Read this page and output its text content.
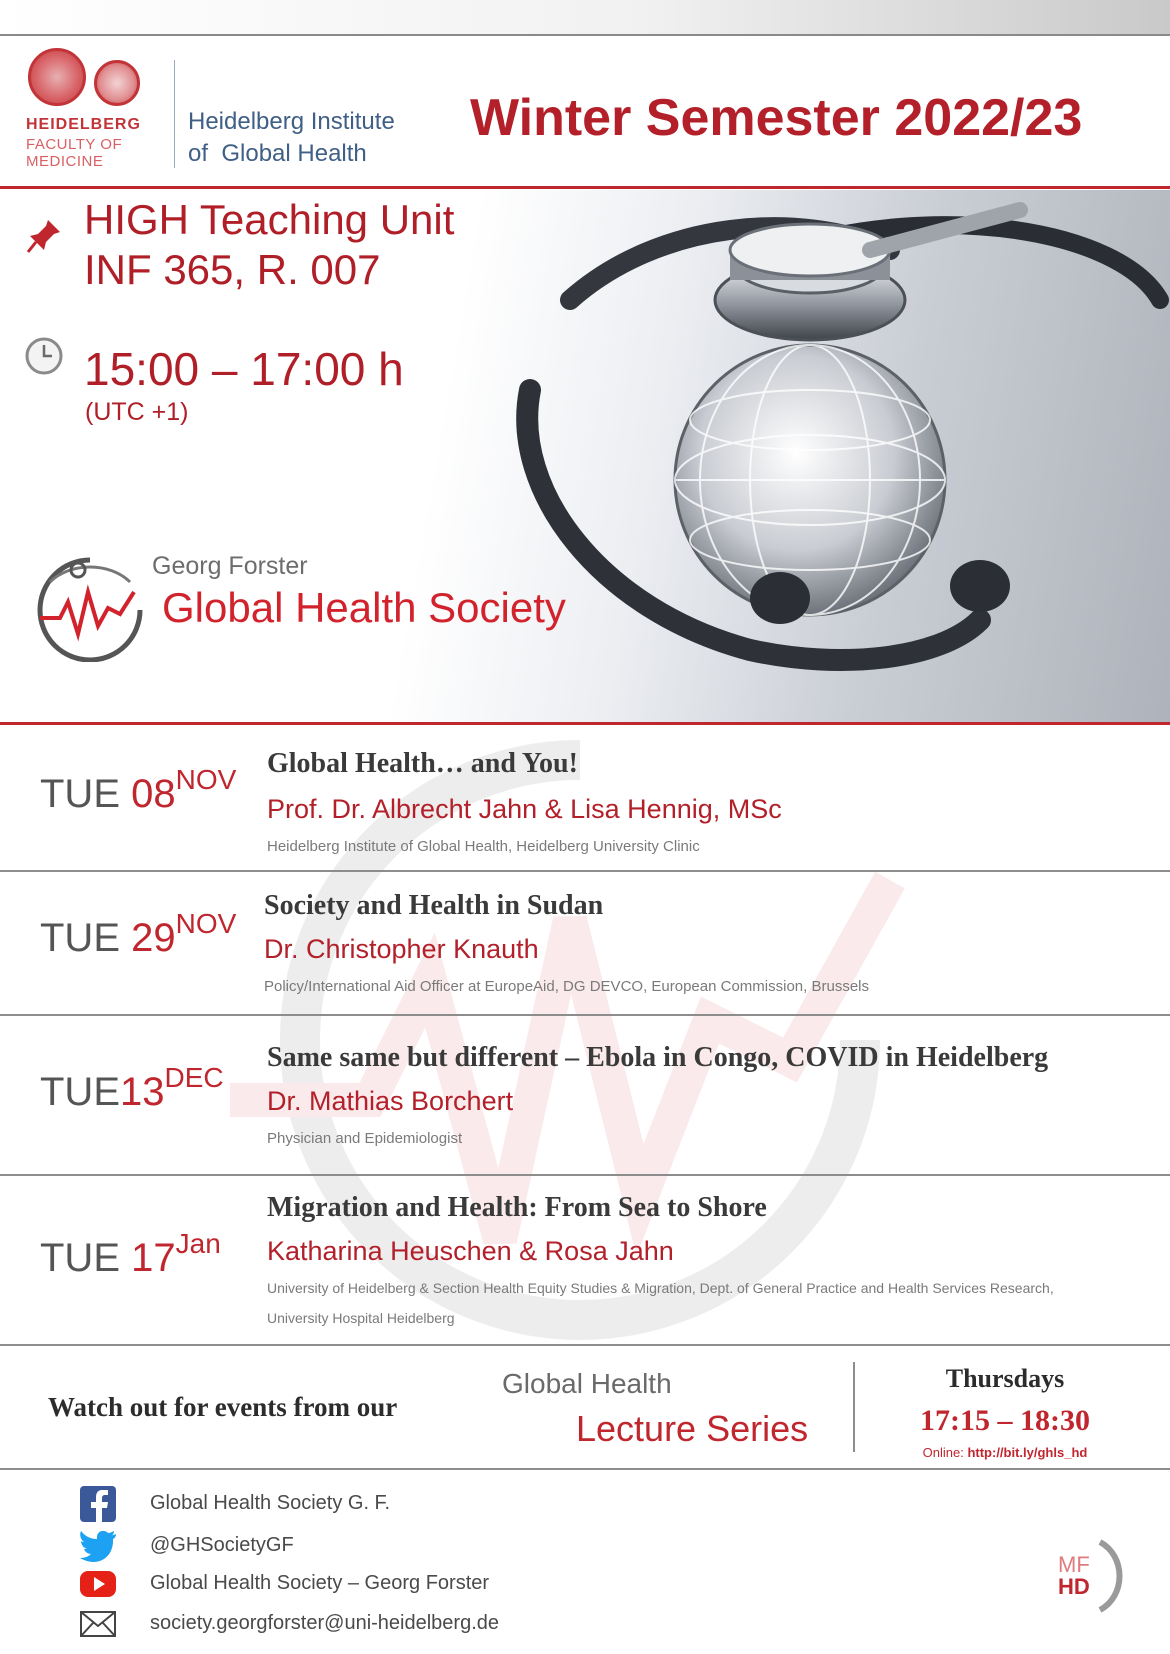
HEIDELBERG
FACULTY OF MEDICINE
Heidelberg Institute
of  Global Health
Winter Semester 2022/23
HIGH Teaching Unit
INF 365, R. 007
15:00 – 17:00 h
(UTC +1)
Georg Forster
Global Health Society
TUE $08^{NOV}$
Global Health… and You!
Prof. Dr. Albrecht Jahn & Lisa Hennig, MSc
Heidelberg Institute of Global Health, Heidelberg University Clinic
TUE $29^{NOV}$
Society and Health in Sudan
Dr. Christopher Knauth
Policy/International Aid Officer at EuropeAid, DG DEVCO, European Commission, Brussels
$TUE13^{DEC}$
Same same but different – Ebola in Congo, COVID in Heidelberg
Dr. Mathias Borchert
Physician and Epidemiologist
TUE $17^{Jan}$
Migration and Health: From Sea to Shore
Katharina Heuschen & Rosa Jahn
University of Heidelberg & Section Health Equity Studies & Migration, Dept. of General Practice and Health Services Research,
University Hospital Heidelberg
Watch out for events from our
Global Health
Lecture Series
Thursdays
17:15 – 18:30
Online: http://bit.ly/ghls_hd
Global Health Society G. F.
@GHSocietyGF
Global Health Society – Georg Forster
society.georgforster@uni-heidelberg.de
MF
HD
